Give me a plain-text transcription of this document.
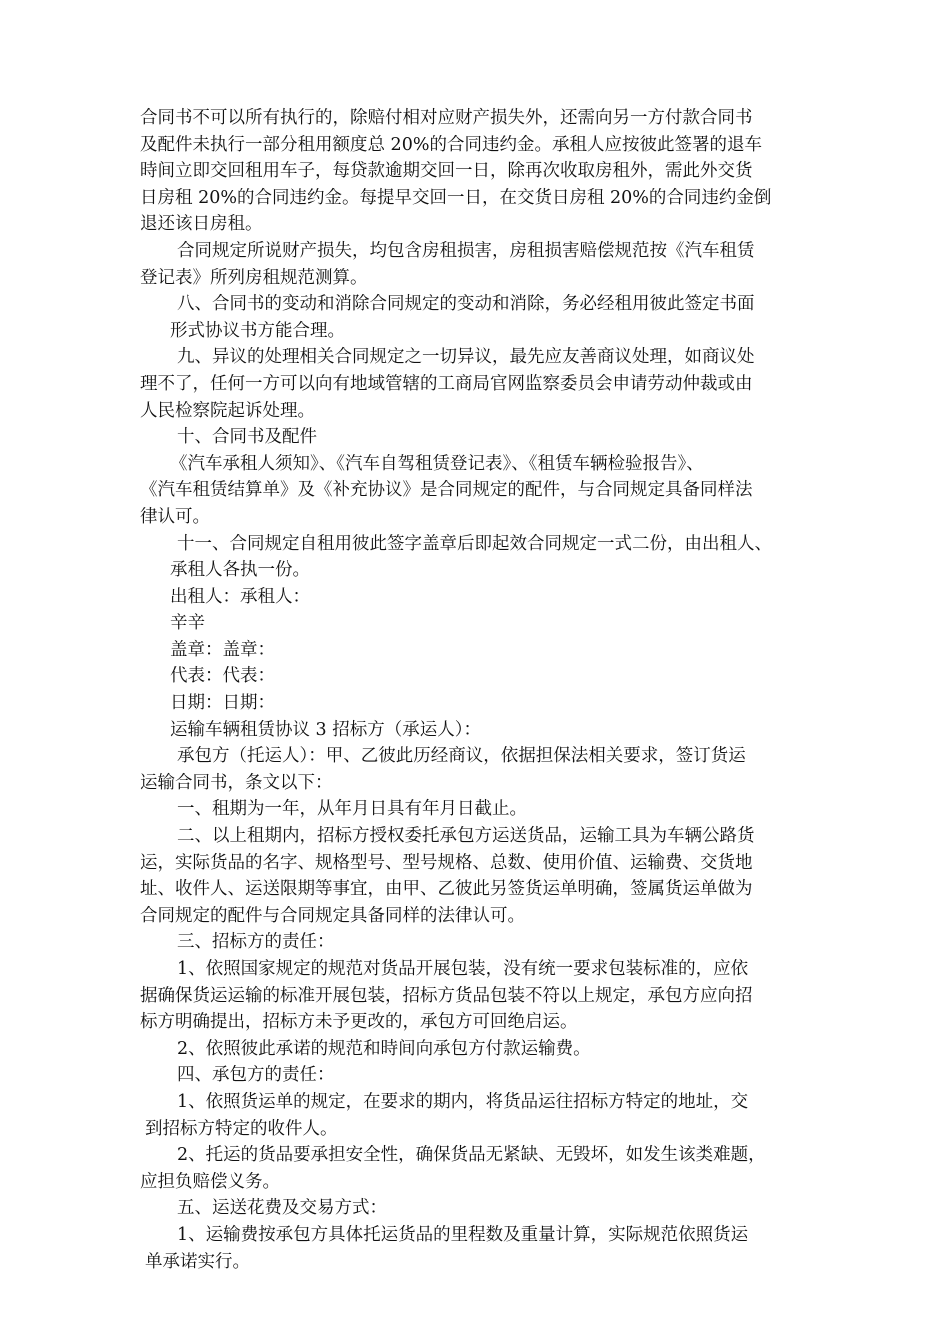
合同书不可以所有执行的，除赔付相对应财产损失外，还需向另一方付款合同书
及配件未执行一部分租用额度总 20%的合同违约金。承租人应按彼此签署的退车
時间立即交回租用车子，每贷款逾期交回一日，除再次收取房租外，需此外交货
日房租 20%的合同违约金。每提早交回一日，在交货日房租 20%的合同违约金倒
退还该日房租。
合同规定所说财产损失，均包含房租损害，房租损害赔偿规范按《汽车租赁
登记表》所列房租规范测算。
八、合同书的变动和消除合同规定的变动和消除，务必经租用彼此签定书面
形式协议书方能合理。
九、异议的处理相关合同规定之一切异议，最先应友善商议处理，如商议处
理不了，任何一方可以向有地域管辖的工商局官网监察委员会申请劳动仲裁或由
人民检察院起诉处理。
十、合同书及配件
《汽车承租人须知》、《汽车自驾租赁登记表》、《租赁车辆检验报告》、
《汽车租赁结算单》及《补充协议》是合同规定的配件，与合同规定具备同样法
律认可。
十一、合同规定自租用彼此签字盖章后即起效合同规定一式二份，由出租人、
承租人各执一份。
出租人：承租人：
辛辛
盖章：盖章：
代表：代表：
日期：日期：
运输车辆租赁协议 3 招标方（承运人）：
承包方（托运人）：甲、乙彼此历经商议，依据担保法相关要求，签订货运
运输合同书，条文以下：
一、租期为一年，从年月日具有年月日截止。
二、以上租期内，招标方授权委托承包方运送货品，运输工具为车辆公路货
运，实际货品的名字、规格型号、型号规格、总数、使用价值、运输费、交货地
址、收件人、运送限期等事宜，由甲、乙彼此另签货运单明确，签属货运单做为
合同规定的配件与合同规定具备同样的法律认可。
三、招标方的责任：
1、依照国家规定的规范对货品开展包装，没有统一要求包装标准的，应依
据确保货运运输的标准开展包装，招标方货品包装不符以上规定，承包方应向招
标方明确提出，招标方未予更改的，承包方可回绝启运。
2、依照彼此承诺的规范和時间向承包方付款运输费。
四、承包方的责任：
1、依照货运单的规定，在要求的期内，将货品运往招标方特定的地址，交
到招标方特定的收件人。
2、托运的货品要承担安全性，确保货品无紧缺、无毁坏，如发生该类难题，
应担负赔偿义务。
五、运送花费及交易方式：
1、运输费按承包方具体托运货品的里程数及重量计算，实际规范依照货运
单承诺实行。
